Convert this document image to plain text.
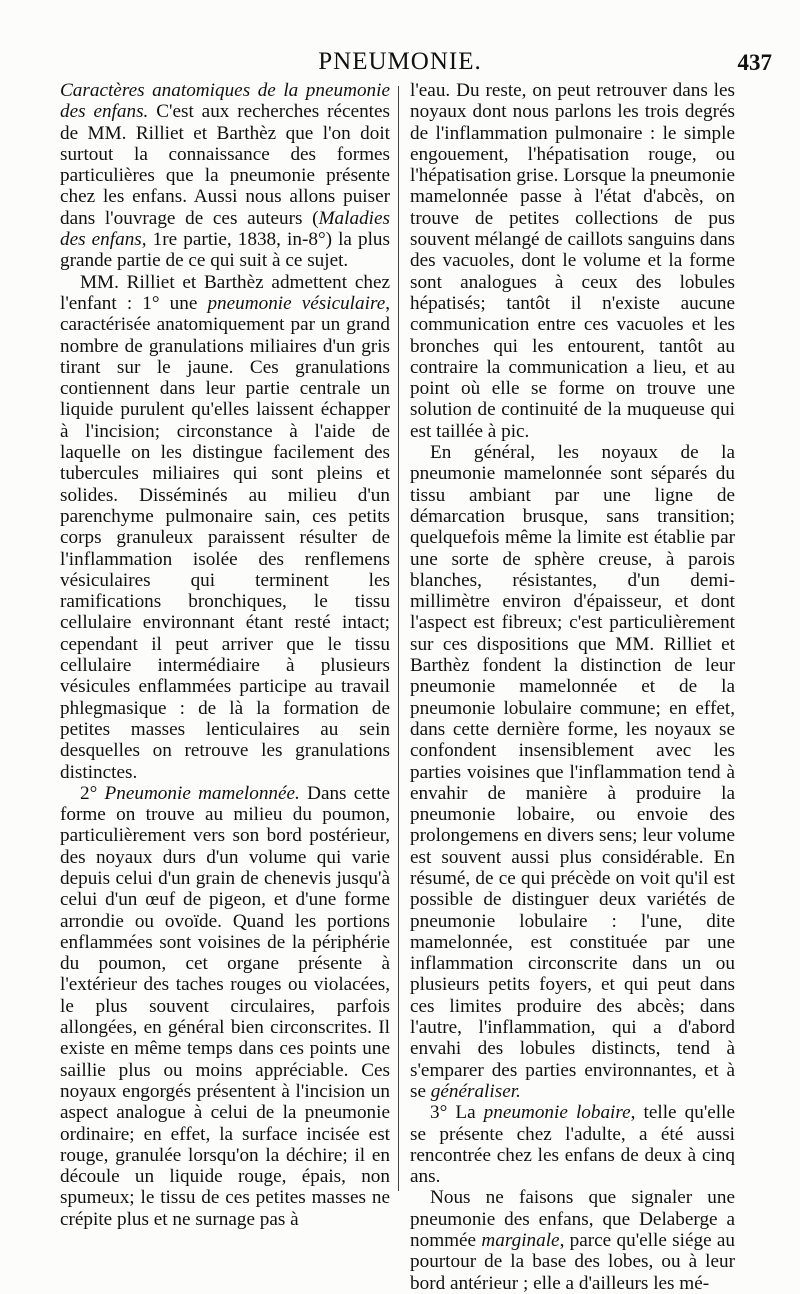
PNEUMONIE.	437

Caractères anatomiques de la pneumonie des enfans. C'est aux recherches récentes de MM. Rilliet et Barthèz que l'on doit surtout la connaissance des formes particulières que la pneumonie présente chez les enfans. Aussi nous allons puiser dans l'ouvrage de ces auteurs (Maladies des enfans, 1re partie, 1838, in-8°) la plus grande partie de ce qui suit à ce sujet.

MM. Rilliet et Barthèz admettent chez l'enfant : 1° une pneumonie vésiculaire, caractérisée anatomiquement par un grand nombre de granulations miliaires d'un gris tirant sur le jaune. Ces granulations contiennent dans leur partie centrale un liquide purulent qu'elles laissent échapper à l'incision; circonstance à l'aide de laquelle on les distingue facilement des tubercules miliaires qui sont pleins et solides. Disséminés au milieu d'un parenchyme pulmonaire sain, ces petits corps granuleux paraissent résulter de l'inflammation isolée des renflemens vésiculaires qui terminent les ramifications bronchiques, le tissu cellulaire environnant étant resté intact; cependant il peut arriver que le tissu cellulaire intermédiaire à plusieurs vésicules enflammées participe au travail phlegmasique : de là la formation de petites masses lenticulaires au sein desquelles on retrouve les granulations distinctes.

2° Pneumonie mamelonnée. Dans cette forme on trouve au milieu du poumon, particulièrement vers son bord postérieur, des noyaux durs d'un volume qui varie depuis celui d'un grain de chenevis jusqu'à celui d'un œuf de pigeon, et d'une forme arrondie ou ovoïde. Quand les portions enflammées sont voisines de la périphérie du poumon, cet organe présente à l'extérieur des taches rouges ou violacées, le plus souvent circulaires, parfois allongées, en général bien circonscrites. Il existe en même temps dans ces points une saillie plus ou moins appréciable. Ces noyaux engorgés présentent à l'incision un aspect analogue à celui de la pneumonie ordinaire; en effet, la surface incisée est rouge, granulée lorsqu'on la déchire; il en découle un liquide rouge, épais, non spumeux; le tissu de ces petites masses ne crépite plus et ne surnage pas à

l'eau. Du reste, on peut retrouver dans les noyaux dont nous parlons les trois degrés de l'inflammation pulmonaire : le simple engouement, l'hépatisation rouge, ou l'hépatisation grise. Lorsque la pneumonie mamelonnée passe à l'état d'abcès, on trouve de petites collections de pus souvent mélangé de caillots sanguins dans des vacuoles, dont le volume et la forme sont analogues à ceux des lobules hépatisés; tantôt il n'existe aucune communication entre ces vacuoles et les bronches qui les entourent, tantôt au contraire la communication a lieu, et au point où elle se forme on trouve une solution de continuité de la muqueuse qui est taillée à pic.

En général, les noyaux de la pneumonie mamelonnée sont séparés du tissu ambiant par une ligne de démarcation brusque, sans transition; quelquefois même la limite est établie par une sorte de sphère creuse, à parois blanches, résistantes, d'un demi-millimètre environ d'épaisseur, et dont l'aspect est fibreux; c'est particulièrement sur ces dispositions que MM. Rilliet et Barthèz fondent la distinction de leur pneumonie mamelonnée et de la pneumonie lobulaire commune; en effet, dans cette dernière forme, les noyaux se confondent insensiblement avec les parties voisines que l'inflammation tend à envahir de manière à produire la pneumonie lobaire, ou envoie des prolongemens en divers sens; leur volume est souvent aussi plus considérable. En résumé, de ce qui précède on voit qu'il est possible de distinguer deux variétés de pneumonie lobulaire : l'une, dite mamelonnée, est constituée par une inflammation circonscrite dans un ou plusieurs petits foyers, et qui peut dans ces limites produire des abcès; dans l'autre, l'inflammation, qui a d'abord envahi des lobules distincts, tend à s'emparer des parties environnantes, et à se généraliser.

3° La pneumonie lobaire, telle qu'elle se présente chez l'adulte, a été aussi rencontrée chez les enfans de deux à cinq ans.

Nous ne faisons que signaler une pneumonie des enfans, que Delaberge a nommée marginale, parce qu'elle siége au pourtour de la base des lobes, ou à leur bord antérieur ; elle a d'ailleurs les mé-
